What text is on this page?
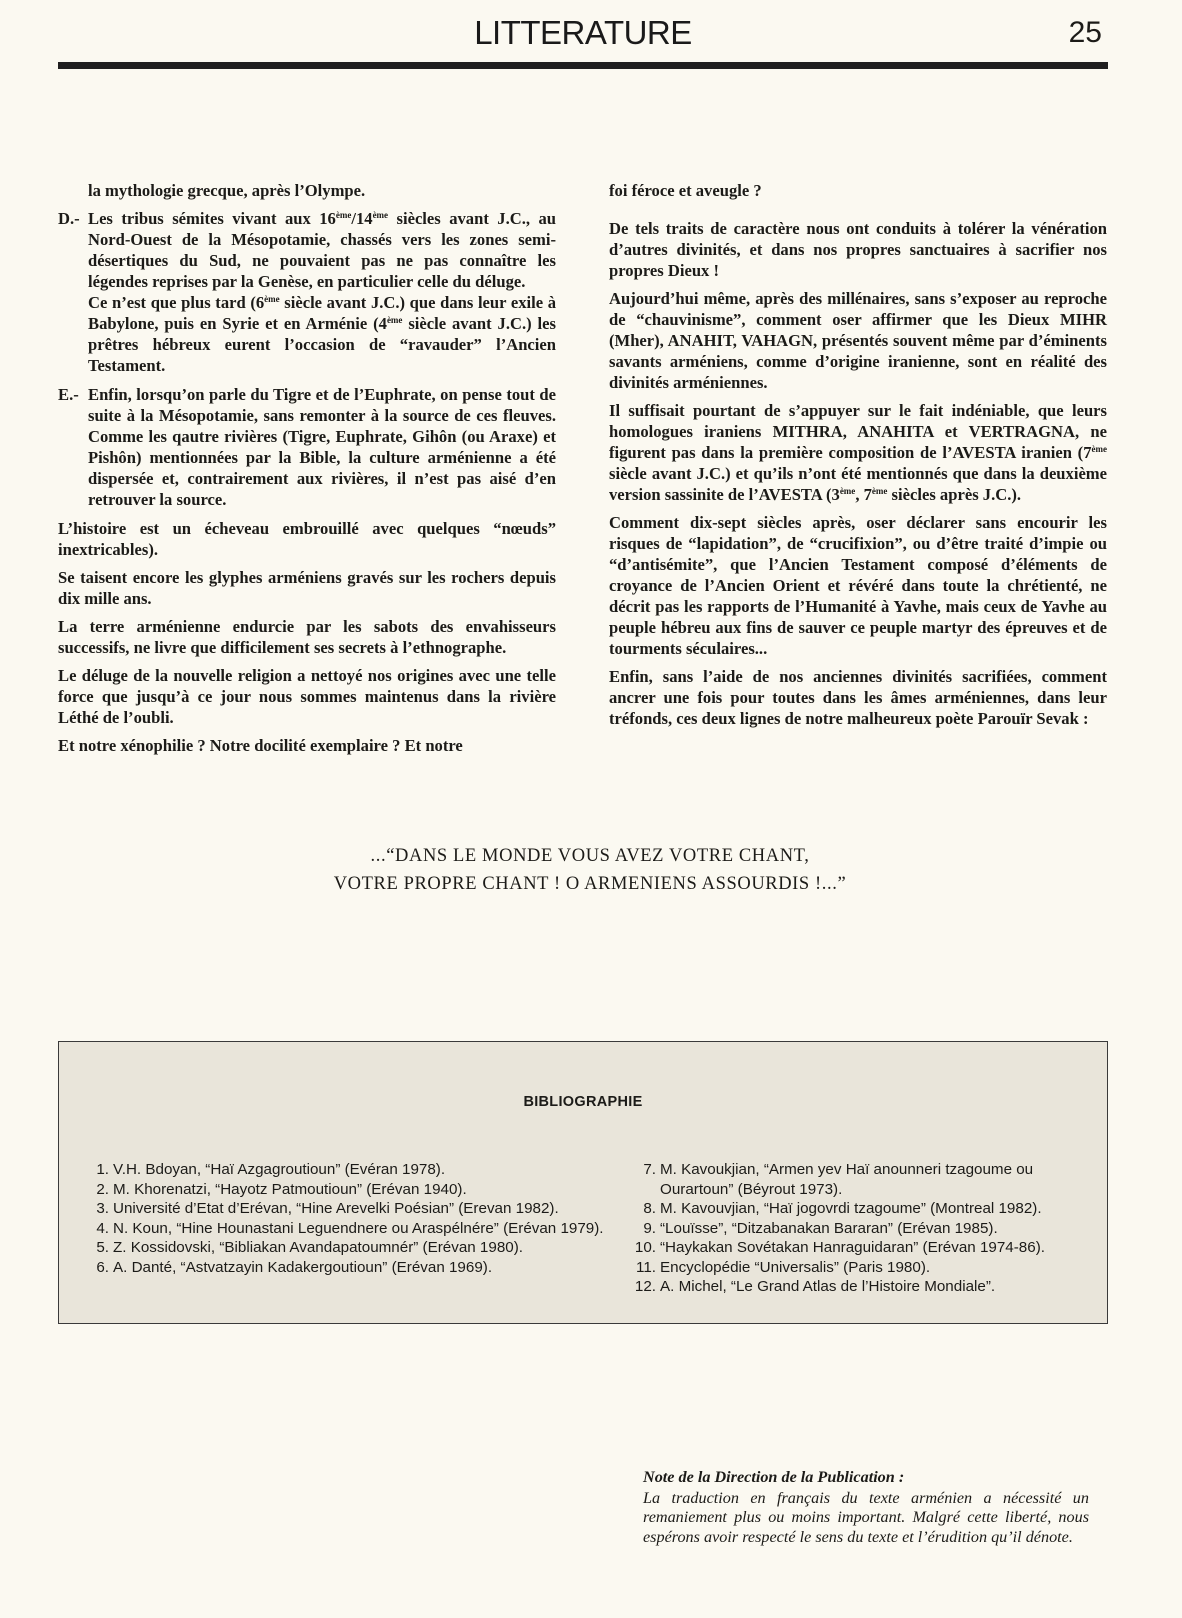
LITTERATURE	25

la mythologie grecque, après l’Olympe.

D.- Les tribus sémites vivant aux 16ème/14ème siècles avant J.C., au Nord-Ouest de la Mésopotamie, chassés vers les zones semi-désertiques du Sud, ne pouvaient pas ne pas connaître les légendes reprises par la Genèse, en particulier celle du déluge.

Ce n’est que plus tard (6ème siècle avant J.C.) que dans leur exile à Babylone, puis en Syrie et en Arménie (4ème siècle avant J.C.) les prêtres hébreux eurent l’occasion de “ravauder” l’Ancien Testament.

E.- Enfin, lorsqu’on parle du Tigre et de l’Euphrate, on pense tout de suite à la Mésopotamie, sans remonter à la source de ces fleuves. Comme les qautre rivières (Tigre, Euphrate, Gihôn (ou Araxe) et Pishôn) mentionnées par la Bible, la culture arménienne a été dispersée et, contrairement aux rivières, il n’est pas aisé d’en retrouver la source.

L’histoire est un écheveau embrouillé avec quelques “nœuds” inextricables).

Se taisent encore les glyphes arméniens gravés sur les rochers depuis dix mille ans.

La terre arménienne endurcie par les sabots des envahisseurs successifs, ne livre que difficilement ses secrets à l’ethnographe.

Le déluge de la nouvelle religion a nettoyé nos origines avec une telle force que jusqu’à ce jour nous sommes maintenus dans la rivière Léthé de l’oubli.

Et notre xénophilie ? Notre docilité exemplaire ? Et notre

foi féroce et aveugle ?

De tels traits de caractère nous ont conduits à tolérer la vénération d’autres divinités, et dans nos propres sanctuaires à sacrifier nos propres Dieux !

Aujourd’hui même, après des millénaires, sans s’exposer au reproche de “chauvinisme”, comment oser affirmer que les Dieux MIHR (Mher), ANAHIT, VAHAGN, présentés souvent même par d’éminents savants arméniens, comme d’origine iranienne, sont en réalité des divinités arméniennes.

Il suffisait pourtant de s’appuyer sur le fait indéniable, que leurs homologues iraniens MITHRA, ANAHITA et VERTRAGNA, ne figurent pas dans la première composition de l’AVESTA iranien (7ème siècle avant J.C.) et qu’ils n’ont été mentionnés que dans la deuxième version sassinite de l’AVESTA (3ème, 7ème siècles après J.C.).

Comment dix-sept siècles après, oser déclarer sans encourir les risques de “lapidation”, de “crucifixion”, ou d’être traité d’impie ou “d’antisémite”, que l’Ancien Testament composé d’éléments de croyance de l’Ancien Orient et révéré dans toute la chrétienté, ne décrit pas les rapports de l’Humanité à Yavhe, mais ceux de Yavhe au peuple hébreu aux fins de sauver ce peuple martyr des épreuves et de tourments séculaires...

Enfin, sans l’aide de nos anciennes divinités sacrifiées, comment ancrer une fois pour toutes dans les âmes arméniennes, dans leur tréfonds, ces deux lignes de notre malheureux poète Parouïr Sevak :

...“DANS LE MONDE VOUS AVEZ VOTRE CHANT,
VOTRE PROPRE CHANT ! O ARMENIENS ASSOURDIS !...”
BIBLIOGRAPHIE
1. V.H. Bdoyan, “Haï Azgagroutioun” (Evéran 1978).
2. M. Khorenatzi, “Hayotz Patmoutioun” (Erévan 1940).
3. Université d’Etat d’Erévan, “Hine Arevelki Poésian” (Erevan 1982).
4. N. Koun, “Hine Hounastani Leguendnere ou Araspélnére” (Erévan 1979).
5. Z. Kossidovski, “Bibliakan Avandapatoumnér” (Erévan 1980).
6. A. Danté, “Astvatzayin Kadakergoutioun” (Erévan 1969).
7. M. Kavoukjian, “Armen yev Haï anounneri tzagoume ou Ourartoun” (Béyrout 1973).
8. M. Kavouvjian, “Haï jogovrdi tzagoume” (Montreal 1982).
9. “Louïsse”, “Ditzabanakan Bararan” (Erévan 1985).
10. “Haykakan Sovétakan Hanraguidaran” (Erévan 1974-86).
11. Encyclopédie “Universalis” (Paris 1980).
12. A. Michel, “Le Grand Atlas de l’Histoire Mondiale”.
Note de la Direction de la Publication :
La traduction en français du texte arménien a nécessité un remaniement plus ou moins important. Malgré cette liberté, nous espérons avoir respecté le sens du texte et l’érudition qu’il dénote.
